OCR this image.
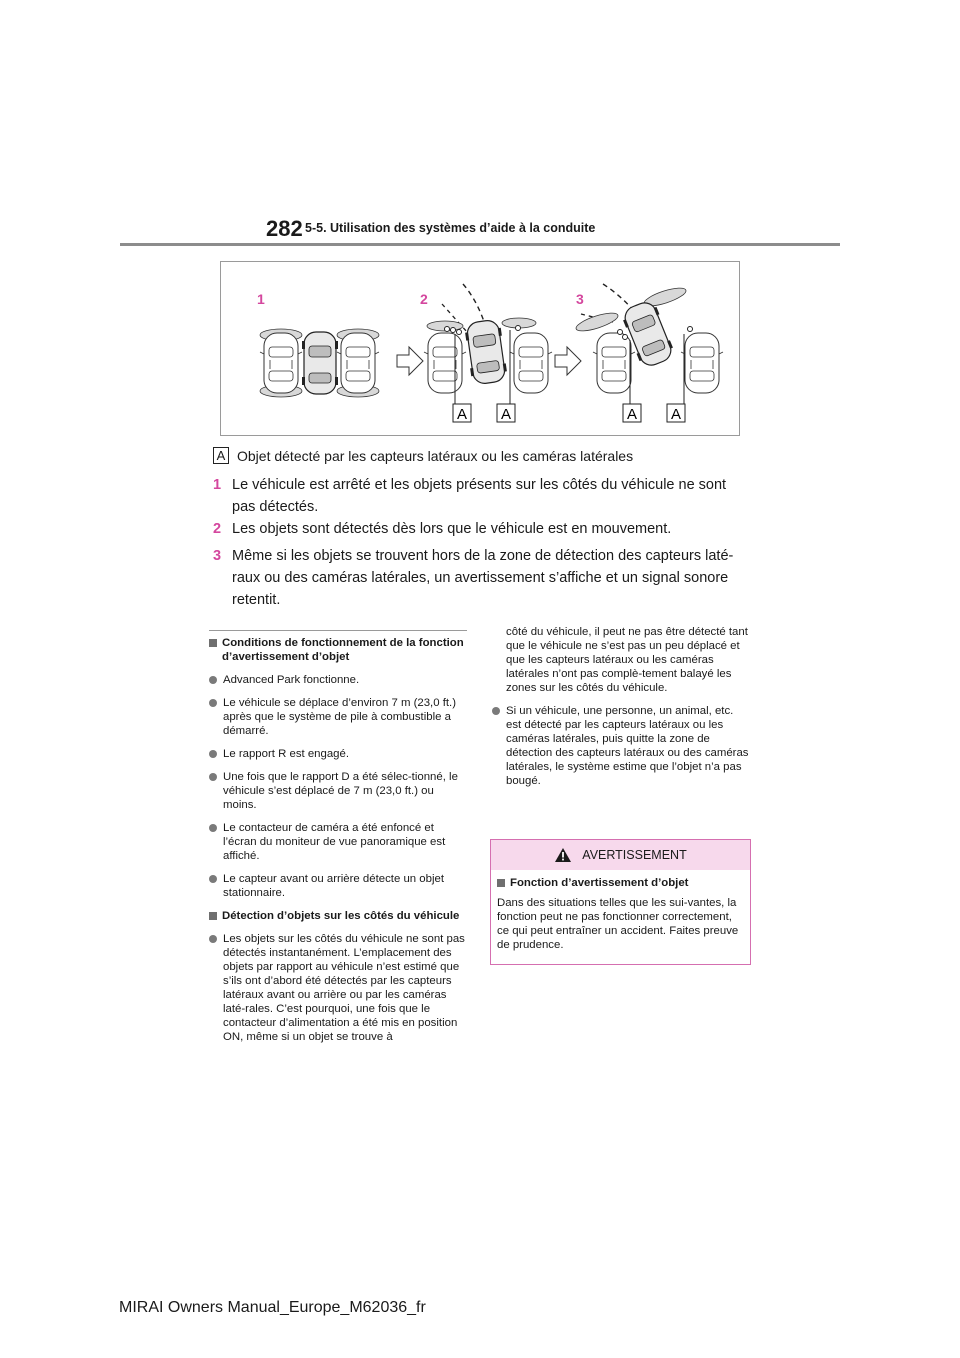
282 5-5. Utilisation des systèmes d’aide à la conduite
1	2	3
A A	A A
A Objet détecté par les capteurs latéraux ou les caméras latérales
1 Le véhicule est arrêté et les objets présents sur les côtés du véhicule ne sont pas détectés.
2 Les objets sont détectés dès lors que le véhicule est en mouvement.
3 Même si les objets se trouvent hors de la zone de détection des capteurs laté-raux ou des caméras latérales, un avertissement s’affiche et un signal sonore retentit.
Conditions de fonctionnement de la fonction d’avertissement d’objet
Advanced Park fonctionne.
Le véhicule se déplace d’environ 7 m (23,0 ft.) après que le système de pile à combustible a démarré.
Le rapport R est engagé.
Une fois que le rapport D a été sélec-tionné, le véhicule s’est déplacé de 7 m (23,0 ft.) ou moins.
Le contacteur de caméra a été enfoncé et l’écran du moniteur de vue panoramique est affiché.
Le capteur avant ou arrière détecte un objet stationnaire.
Détection d’objets sur les côtés du véhicule
Les objets sur les côtés du véhicule ne sont pas détectés instantanément. L’emplacement des objets par rapport au véhicule n’est estimé que s’ils ont d’abord été détectés par les capteurs latéraux avant ou arrière ou par les caméras laté-rales. C’est pourquoi, une fois que le contacteur d’alimentation a été mis en position ON, même si un objet se trouve à
côté du véhicule, il peut ne pas être détecté tant que le véhicule ne s’est pas un peu déplacé et que les capteurs latéraux ou les caméras latérales n’ont pas complè-tement balayé les zones sur les côtés du véhicule.
Si un véhicule, une personne, un animal, etc. est détecté par les capteurs latéraux ou les caméras latérales, puis quitte la zone de détection des capteurs latéraux ou des caméras latérales, le système estime que l’objet n’a pas bougé.
AVERTISSEMENT
Fonction d’avertissement d’objet
Dans des situations telles que les sui-vantes, la fonction peut ne pas fonctionner correctement, ce qui peut entraîner un accident. Faites preuve de prudence.
MIRAI Owners Manual_Europe_M62036_fr
